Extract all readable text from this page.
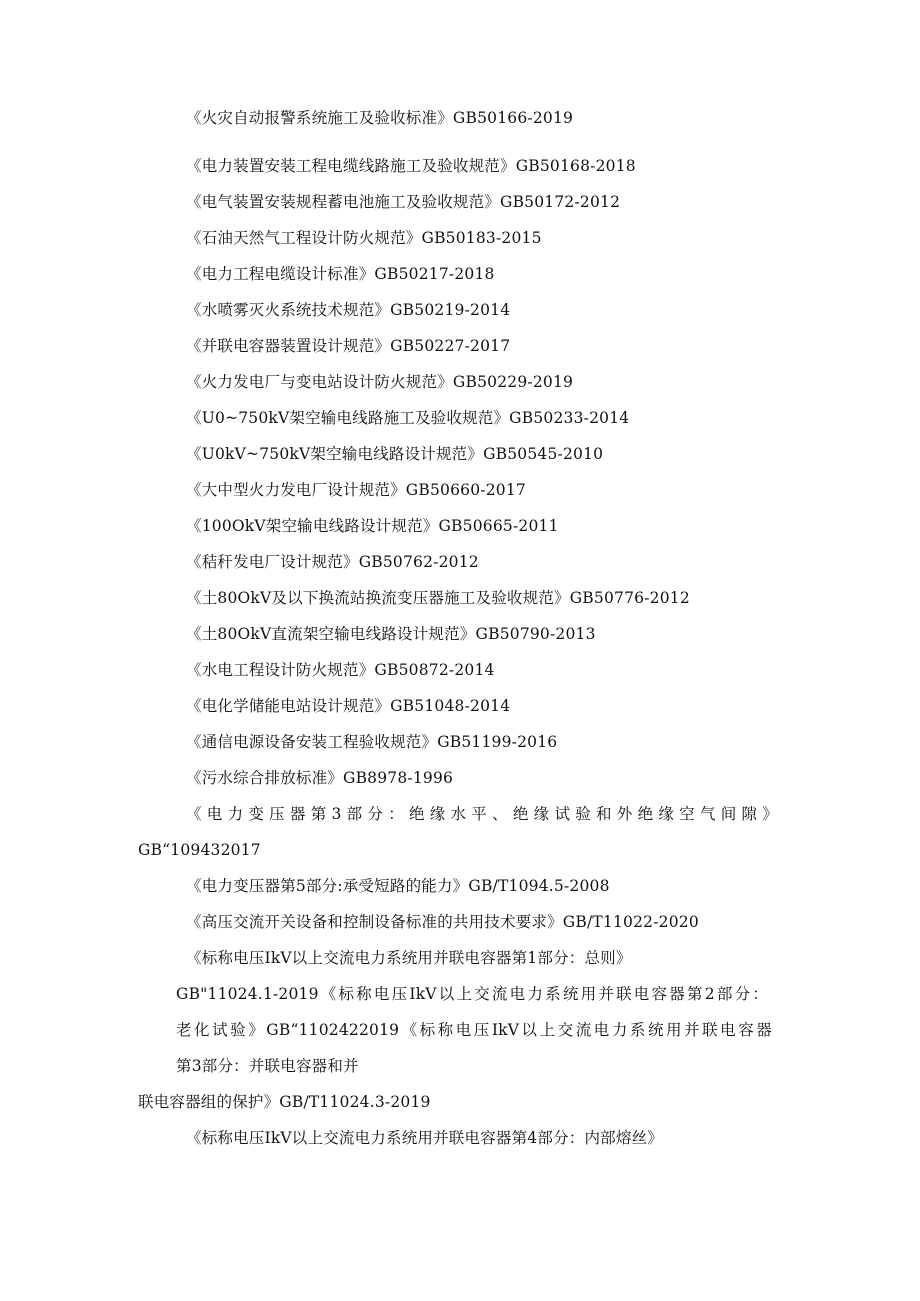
《火灾自动报警系统施工及验收标准》GB50166-2019
《电力装置安装工程电缆线路施工及验收规范》GB50168-2018
《电气装置安装规程蓄电池施工及验收规范》GB50172-2012
《石油天然气工程设计防火规范》GB50183-2015
《电力工程电缆设计标准》GB50217-2018
《水喷雾灭火系统技术规范》GB50219-2014
《并联电容器装置设计规范》GB50227-2017
《火力发电厂与变电站设计防火规范》GB50229-2019
《U0~750kV架空输电线路施工及验收规范》GB50233-2014
《U0kV~750kV架空输电线路设计规范》GB50545-2010
《大中型火力发电厂设计规范》GB50660-2017
《100OkV架空输电线路设计规范》GB50665-2011
《秸秆发电厂设计规范》GB50762-2012
《土80OkV及以下换流站换流变压器施工及验收规范》GB50776-2012
《土80OkV直流架空输电线路设计规范》GB50790-2013
《水电工程设计防火规范》GB50872-2014
《电化学储能电站设计规范》GB51048-2014
《通信电源设备安装工程验收规范》GB51199-2016
《污水综合排放标准》GB8978-1996
《电力变压器第3部分：绝缘水平、绝缘试验和外绝缘空气间隙》
GB“109432017
《电力变压器第5部分:承受短路的能力》GB/T1094.5-2008
《高压交流开关设备和控制设备标准的共用技术要求》GB/T11022-2020
《标称电压IkV以上交流电力系统用并联电容器第1部分：总则》
GB"11024.1-2019《标称电压IkV以上交流电力系统用并联电容器第2部分：
老化试验》GB“1102422019《标称电压IkV以上交流电力系统用并联电容器
第3部分：并联电容器和并
联电容器组的保护》GB/T11024.3-2019
《标称电压IkV以上交流电力系统用并联电容器第4部分：内部熔丝》
